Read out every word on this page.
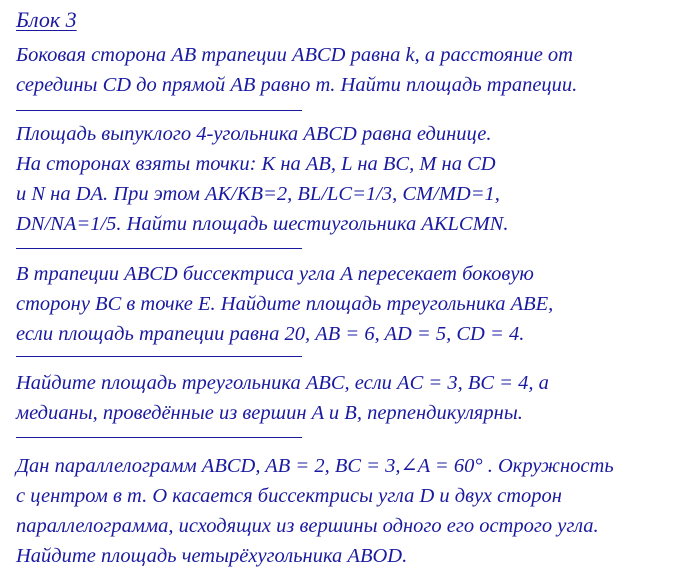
Блок 3
Боковая сторона AB трапеции ABCD равна k, а расстояние от
середины CD до прямой AB равно m. Найти площадь трапеции.
Площадь выпуклого 4-угольника ABCD равна единице.
На сторонах взяты точки: K на AB, L на BC, M на CD
и N на DA. При этом AK/KB=2, BL/LC=1/3, CM/MD=1,
DN/NA=1/5. Найти площадь шестиугольника AKLCMN.
В трапеции ABCD биссектриса угла A пересекает боковую
сторону BC в точке E. Найдите площадь треугольника ABE,
если площадь трапеции равна 20, AB = 6, AD = 5, CD = 4.
Найдите площадь треугольника ABC, если AC = 3, BC = 4, а
медианы, проведённые из вершин A и B, перпендикулярны.
Дан параллелограмм ABCD, AB = 2, BC = 3,∠A = 60° . Окружность
с центром в т. O касается биссектрисы угла D и двух сторон
параллелограмма, исходящих из вершины одного его острого угла.
Найдите площадь четырёхугольника ABOD.
